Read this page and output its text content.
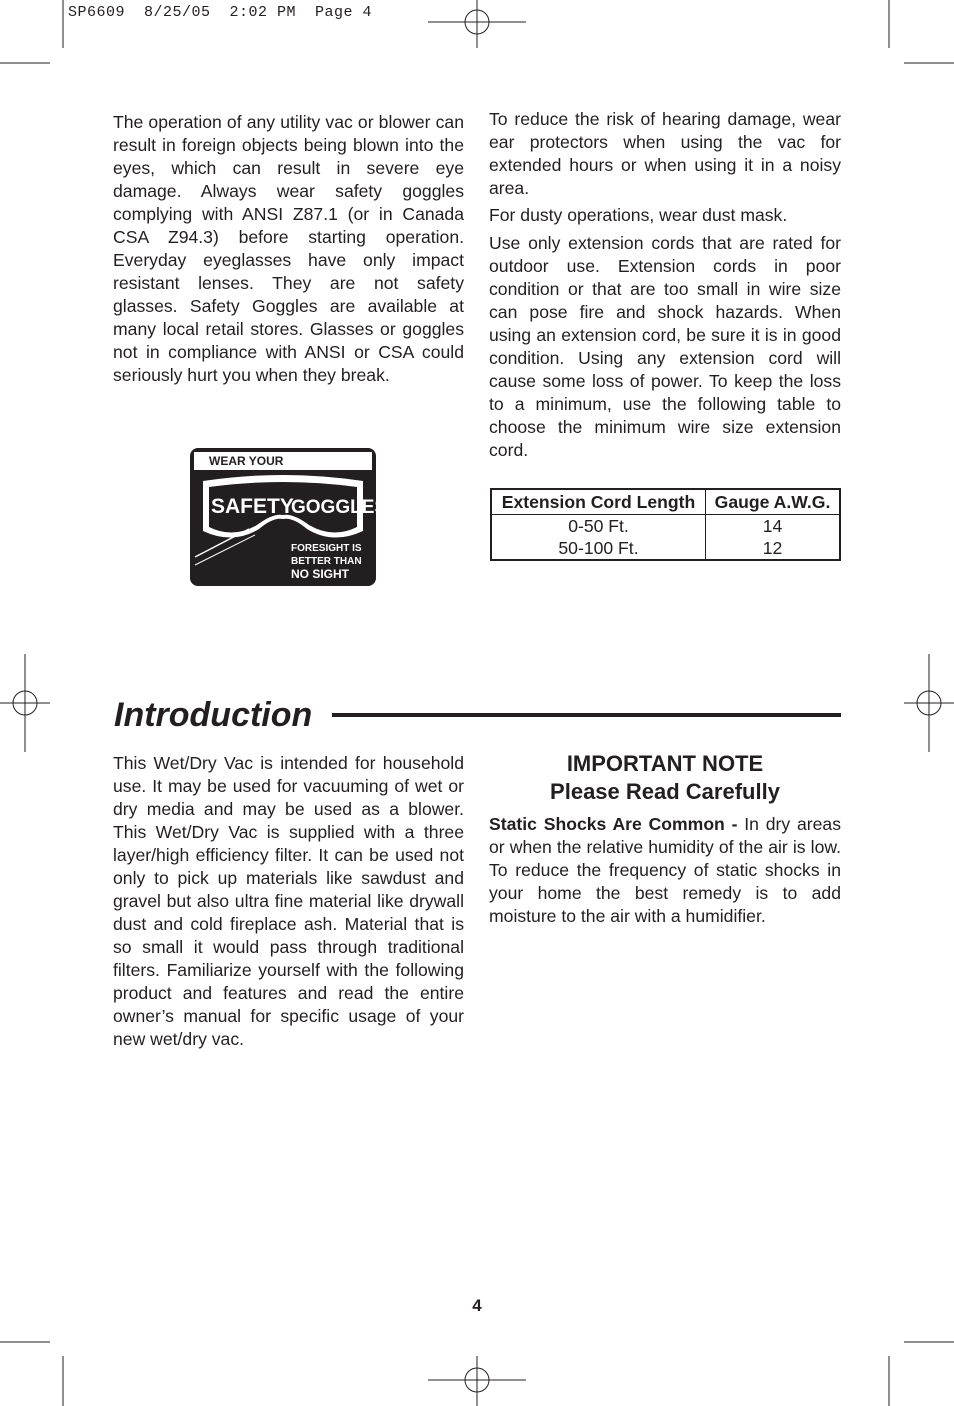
SP6609  8/25/05  2:02 PM  Page 4

The operation of any utility vac or blower can result in foreign objects being blown into the eyes, which can result in severe eye damage. Always wear safety goggles complying with ANSI Z87.1 (or in Canada CSA Z94.3) before starting operation. Everyday eyeglasses have only impact resistant lenses. They are not safety glasses. Safety Goggles are available at many local retail stores. Glasses or goggles not in compliance with ANSI or CSA could seriously hurt you when they break.

WEAR YOUR
SAFETY
GOGGLES
FORESIGHT IS
BETTER THAN
NO SIGHT

To reduce the risk of hearing damage, wear ear protectors when using the vac for extended hours or when using it in a noisy area.

For dusty operations, wear dust mask.

Use only extension cords that are rated for outdoor use. Extension cords in poor condition or that are too small in wire size can pose fire and shock hazards. When using an extension cord, be sure it is in good condition. Using any extension cord will cause some loss of power. To keep the loss to a minimum, use the following table to choose the minimum wire size extension cord.

Extension Cord Length	Gauge A.W.G.
0-50 Ft.	14
50-100 Ft.	12
Introduction

This Wet/Dry Vac is intended for household use. It may be used for vacuuming of wet or dry media and may be used as a blower. This Wet/Dry Vac is supplied with a three layer/high efficiency filter. It can be used not only to pick up materials like sawdust and gravel but also ultra fine material like drywall dust and cold fireplace ash. Material that is so small it would pass through traditional filters. Familiarize yourself with the following product and features and read the entire owner’s manual for specific usage of your new wet/dry vac.

IMPORTANT NOTE
Please Read Carefully

Static Shocks Are Common - In dry areas or when the relative humidity of the air is low. To reduce the frequency of static shocks in your home the best remedy is to add moisture to the air with a humidifier.

4
